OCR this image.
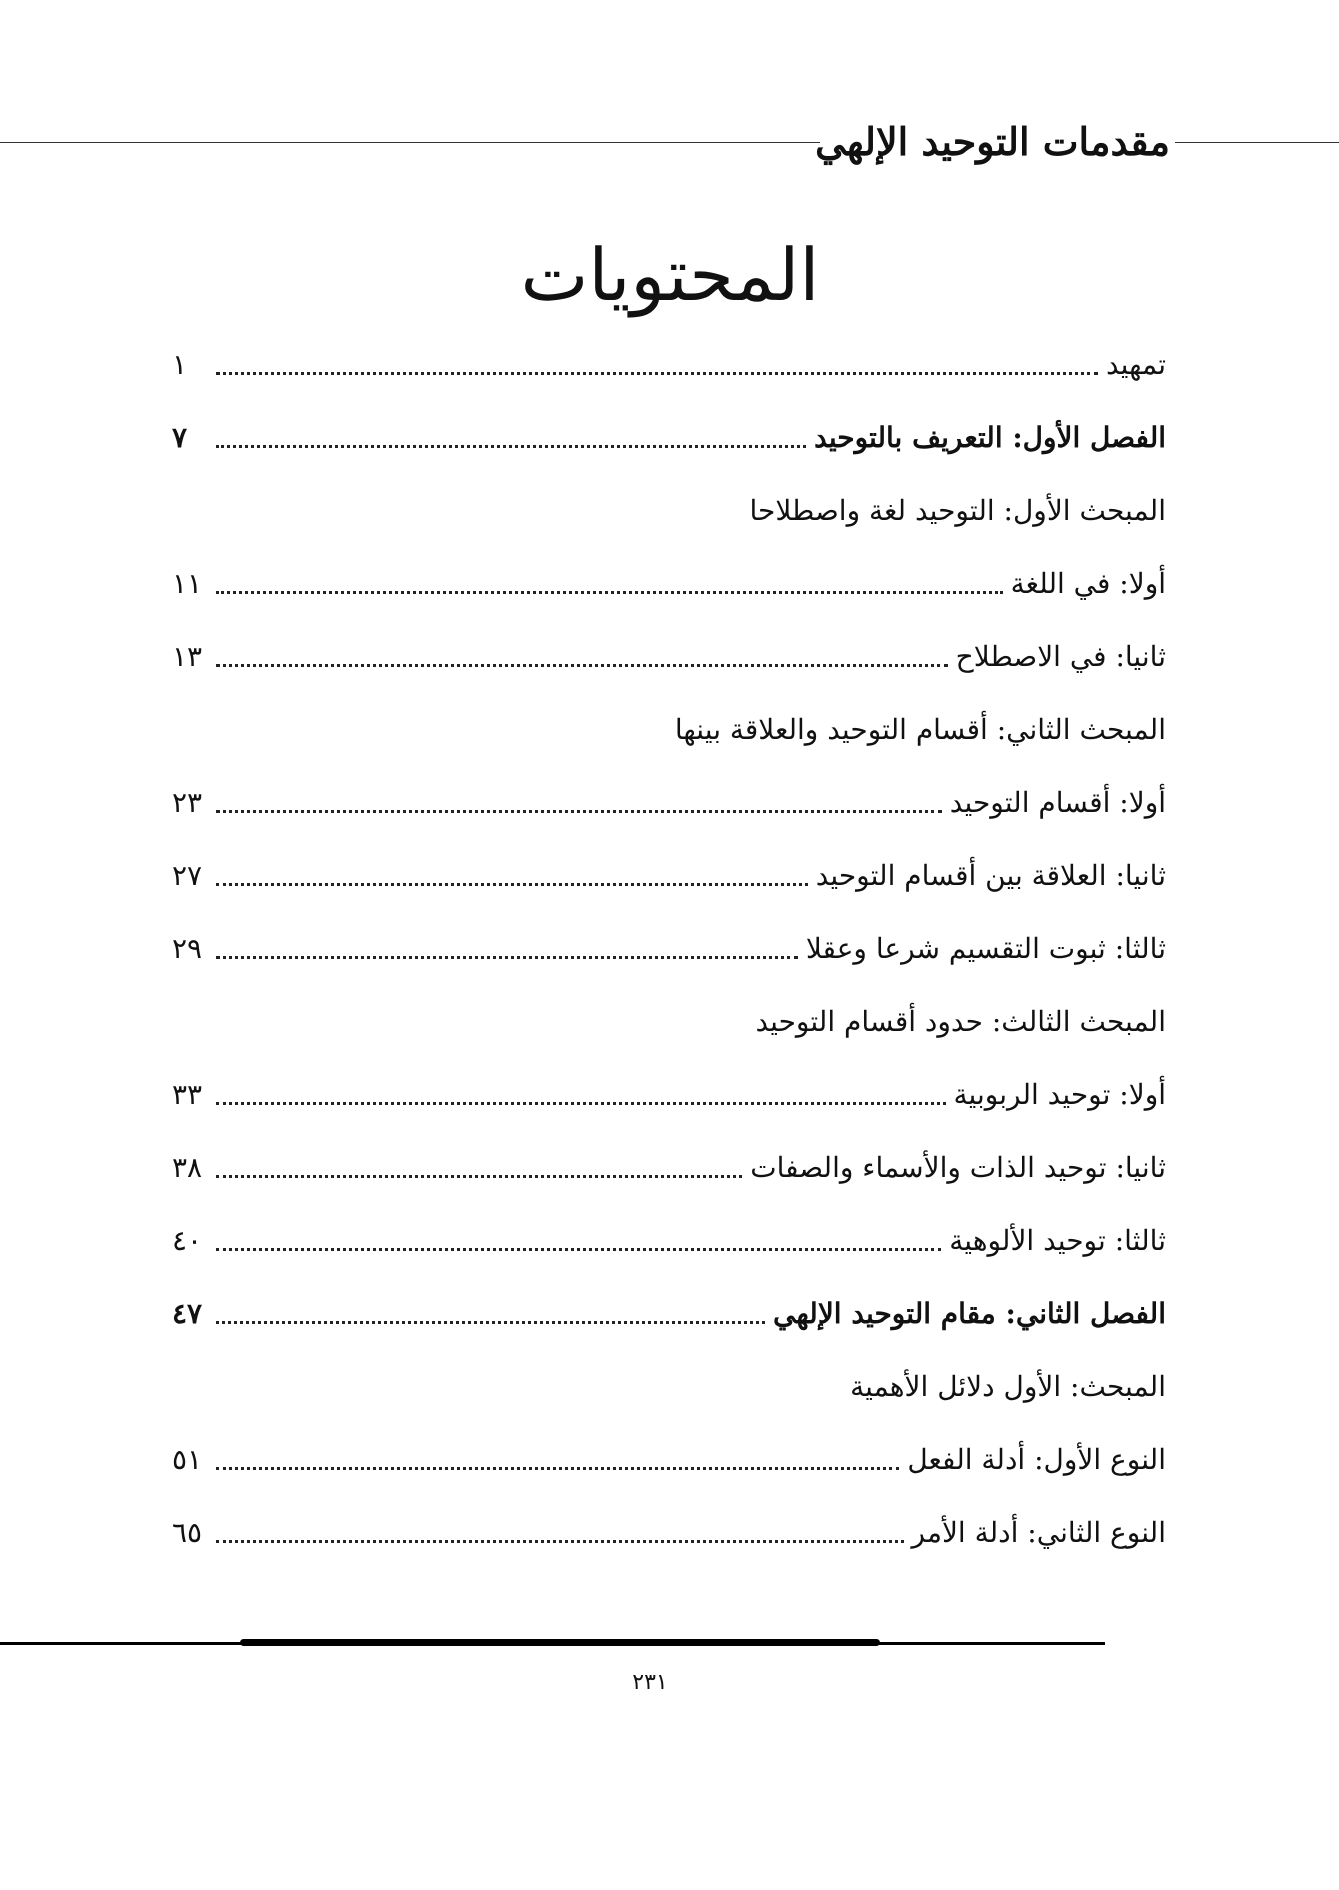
مقدمات التوحيد الإلهي
المحتويات
تمهيد
١
الفصل الأول: التعريف بالتوحيد
٧
المبحث الأول: التوحيد لغة واصطلاحا
أولا: في اللغة
١١
ثانيا: في الاصطلاح
١٣
المبحث الثاني: أقسام التوحيد والعلاقة بينها
أولا: أقسام التوحيد
٢٣
ثانيا: العلاقة بين أقسام التوحيد
٢٧
ثالثا: ثبوت التقسيم شرعا وعقلا
٢٩
المبحث الثالث: حدود أقسام التوحيد
أولا: توحيد الربوبية
٣٣
ثانيا: توحيد الذات والأسماء والصفات
٣٨
ثالثا: توحيد الألوهية
٤٠
الفصل الثاني: مقام التوحيد الإلهي
٤٧
المبحث: الأول دلائل الأهمية
النوع الأول: أدلة الفعل
٥١
النوع الثاني: أدلة الأمر
٦٥
٢٣١
